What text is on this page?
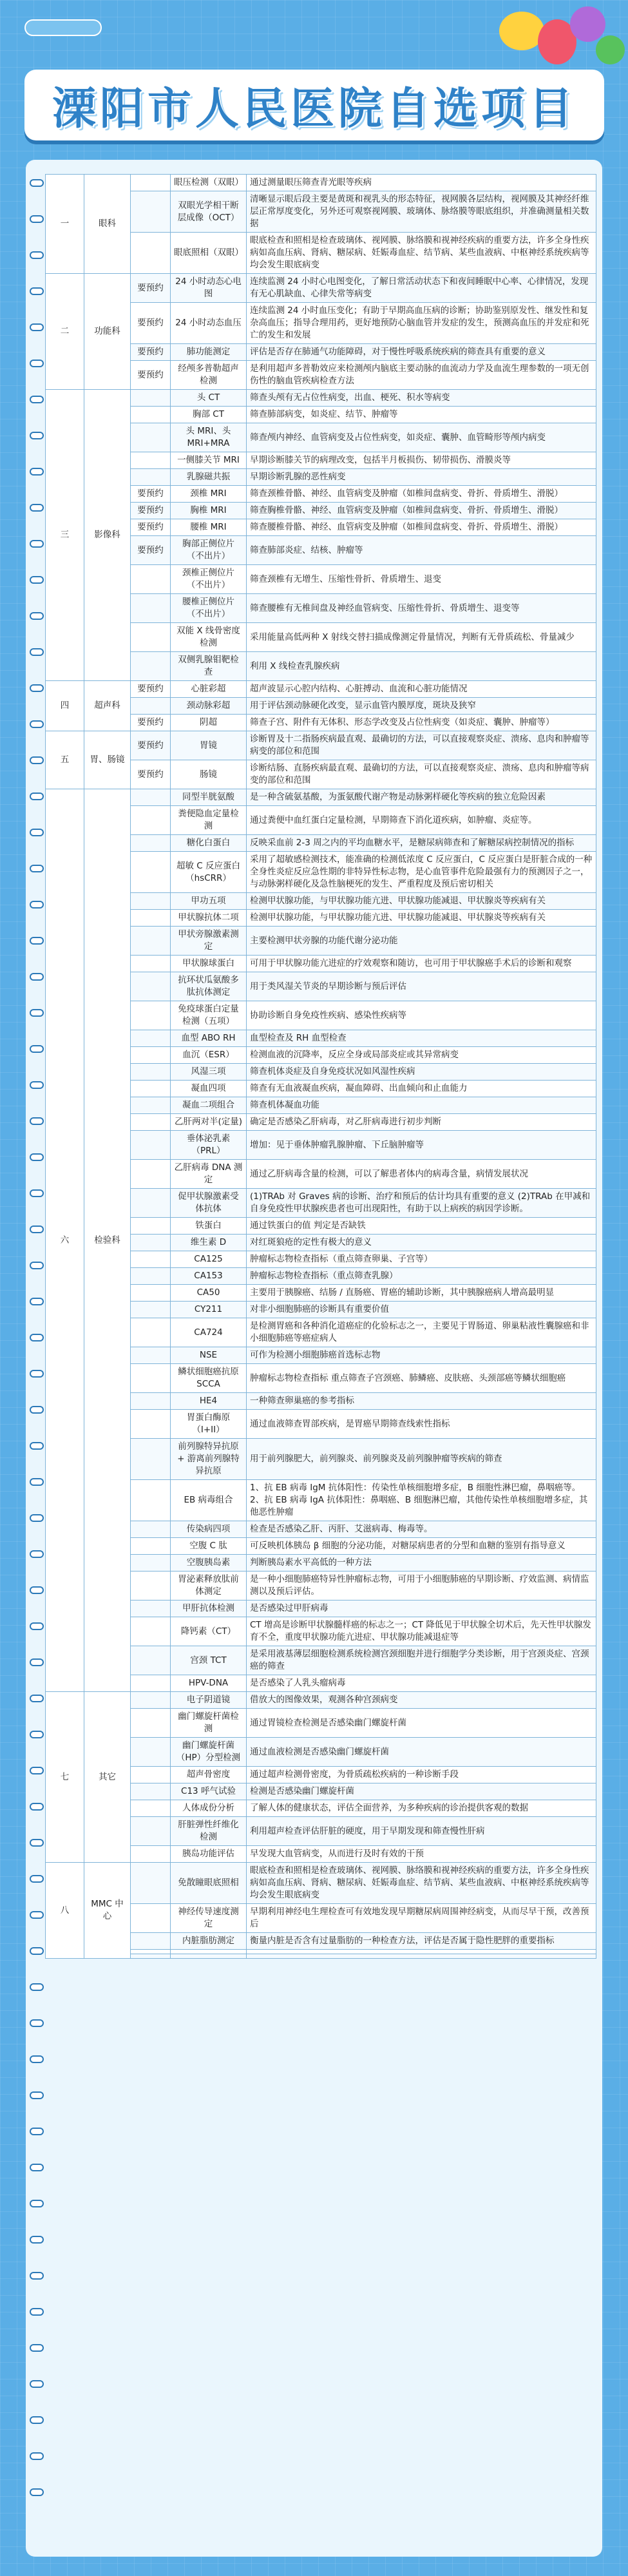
溧阳市人民医院自选项目
一	眼科		眼压检测（双眼）	通过测量眼压筛查青光眼等疾病
			双眼光学相干断层成像（OCT）	清晰显示眼后段主要是黄斑和视乳头的形态特征，视网膜各层结构，视网膜及其神经纤维层正常厚度变化，另外还可观察视网膜、玻璃体、脉络膜等眼底组织，并准确测量相关数据
			眼底照相（双眼）	眼底检查和照相是检查玻璃体、视网膜、脉络膜和视神经疾病的重要方法，许多全身性疾病如高血压病、肾病、糖尿病、妊娠毒血症、结节病、某些血液病、中枢神经系统疾病等均会发生眼底病变
二	功能科	要预约	24 小时动态心电图	连续监测 24 小时心电图变化，了解日常活动状态下和夜间睡眠中心率、心律情况，发现有无心肌缺血、心律失常等病变
		要预约	24 小时动态血压	连续监测 24 小时血压变化；有助于早期高血压病的诊断；协助鉴别原发性、继发性和复杂高血压；指导合理用药，更好地预防心脑血管并发症的发生，预测高血压的并发症和死亡的发生和发展
		要预约	肺功能测定	评估是否存在肺通气功能障碍，对于慢性呼吸系统疾病的筛查具有重要的意义
		要预约	经颅多普勒超声检测	是利用超声多普勒效应来检测颅内脑底主要动脉的血流动力学及血流生理参数的一项无创伤性的脑血管疾病检查方法
三	影像科		头 CT	筛查头颅有无占位性病变，出血、梗死、积水等病变
			胸部 CT	筛查肺部病变，如炎症、结节、肿瘤等
			头 MRI、头 MRI+MRA	筛查颅内神经、血管病变及占位性病变，如炎症、囊肿、血管畸形等颅内病变
			一侧膝关节 MRI	早期诊断膝关节的病理改变，包括半月板损伤、韧带损伤、滑膜炎等
			乳腺磁共振	早期诊断乳腺的恶性病变
		要预约	颈椎 MRI	筛查颈椎骨骼、神经、血管病变及肿瘤（如椎间盘病变、骨折、骨质增生、滑脱）
		要预约	胸椎 MRI	筛查胸椎骨骼、神经、血管病变及肿瘤（如椎间盘病变、骨折、骨质增生、滑脱）
		要预约	腰椎 MRI	筛查腰椎骨骼、神经、血管病变及肿瘤（如椎间盘病变、骨折、骨质增生、滑脱）
		要预约	胸部正侧位片（不出片）	筛查肺部炎症、结核、肿瘤等
			颈椎正侧位片（不出片）	筛查颈椎有无增生、压缩性骨折、骨质增生、退变
			腰椎正侧位片（不出片）	筛查腰椎有无椎间盘及神经血管病变、压缩性骨折、骨质增生、退变等
			双能 X 线骨密度检测	采用能量高低两种 X 射线交替扫描成像测定骨量情况，判断有无骨质疏松、骨量减少
			双侧乳腺钼靶检查	利用 X 线检查乳腺疾病
四	超声科	要预约	心脏彩超	超声波显示心腔内结构、心脏搏动、血流和心脏功能情况
			颈动脉彩超	用于评估颈动脉硬化改变，显示血管内膜厚度，斑块及狭窄
		要预约	阴超	筛查子宫、附件有无体积、形态学改变及占位性病变（如炎症、囊肿、肿瘤等）
五	胃、肠镜	要预约	胃镜	诊断胃及十二指肠疾病最直观、最确切的方法，可以直接观察炎症、溃疡、息肉和肿瘤等病变的部位和范围
		要预约	肠镜	诊断结肠、直肠疾病最直观、最确切的方法，可以直接观察炎症、溃疡、息肉和肿瘤等病变的部位和范围
六	检验科		同型半胱氨酸	是一种含硫氨基酸，为蛋氨酸代谢产物是动脉粥样硬化等疾病的独立危险因素
			粪便隐血定量检测	通过粪便中血红蛋白定量检测，早期筛查下消化道疾病，如肿瘤、炎症等。
			糖化白蛋白	反映采血前 2-3 周之内的平均血糖水平，是糖尿病筛查和了解糖尿病控制情况的指标
			超敏 C 反应蛋白（hsCRR）	采用了超敏感检测技术，能准确的检测低浓度 C 反应蛋白，C 反应蛋白是肝脏合成的一种全身性炎症反应急性期的非特异性标志物，是心血管事件危险最强有力的预测因子之一，与动脉粥样硬化及急性脑梗死的发生、严重程度及预后密切相关
			甲功五项	检测甲状腺功能，与甲状腺功能亢进、甲状腺功能减退、甲状腺炎等疾病有关
			甲状腺抗体二项	检测甲状腺功能，与甲状腺功能亢进、甲状腺功能减退、甲状腺炎等疾病有关
			甲状旁腺激素测定	主要检测甲状旁腺的功能代谢分泌功能
			甲状腺球蛋白	可用于甲状腺功能亢进症的疗效观察和随访，也可用于甲状腺癌手术后的诊断和观察
			抗环状瓜氨酸多肽抗体测定	用于类风湿关节炎的早期诊断与预后评估
			免疫球蛋白定量检测（五项）	协助诊断自身免疫性疾病、感染性疾病等
			血型 ABO RH	血型检查及 RH 血型检查
			血沉（ESR）	检测血液的沉降率，反应全身或局部炎症或其异常病变
			风湿三项	筛查机体炎症及自身免疫状况如风湿性疾病
			凝血四项	筛查有无血液凝血疾病，凝血障碍、出血倾向和止血能力
			凝血二项组合	筛查机体凝血功能
			乙肝两对半(定量)	确定是否感染乙肝病毒，对乙肝病毒进行初步判断
			垂体泌乳素（PRL）	增加：见于垂体肿瘤乳腺肿瘤、下丘脑肿瘤等
			乙肝病毒 DNA 测定	通过乙肝病毒含量的检测，可以了解患者体内的病毒含量，病情发展状况
			促甲状腺激素受体抗体	(1)TRAb 对 Graves 病的诊断、治疗和预后的估计均具有重要的意义 (2)TRAb 在甲减和自身免疫性甲状腺疾患者也可出现阳性，有助于以上病疾的病因学诊断。
			铁蛋白	通过铁蛋白的值 判定是否缺铁
			维生素 D	对红斑狼疮的定性有极大的意义
			CA125	肿瘤标志物检查指标（重点筛查卵巢、子宫等）
			CA153	肿瘤标志物检查指标（重点筛查乳腺）
			CA50	主要用于胰腺癌、结肠 / 直肠癌、胃癌的辅助诊断，其中胰腺癌病人增高最明显
			CY211	对非小细胞肺癌的诊断具有重要价值
			CA724	是检测胃癌和各种消化道癌症的化验标志之一，主要见于胃肠道、卵巢粘液性囊腺癌和非小细胞肺癌等癌症病人
			NSE	可作为检测小细胞肺癌首选标志物
			鳞状细胞癌抗原 SCCA	肿瘤标志物检查指标 重点筛查子宫颈癌、肺鳞癌、皮肤癌、头颈部癌等鳞状细胞癌
			HE4	一种筛查卵巢癌的参考指标
			胃蛋白酶原（I+II）	通过血液筛查胃部疾病，是胃癌早期筛查线索性指标
			前列腺特异抗原 + 游离前列腺特异抗原	用于前列腺肥大，前列腺炎、前列腺炎及前列腺肿瘤等疾病的筛查
			EB 病毒组合	1、抗 EB 病毒 IgM 抗体阳性：传染性单核细胞增多症，B 细胞性淋巴瘤，鼻咽癌等。2、抗 EB 病毒 IgA 抗体阳性：鼻咽癌、B 细胞淋巴瘤，其他传染性单核细胞增多症，其他恶性肿瘤
			传染病四项	检查是否感染乙肝、丙肝、艾滋病毒、梅毒等。
			空腹 C 肽	可反映机体胰岛 β 细胞的分泌功能，对糖尿病患者的分型和血糖的鉴别有指导意义
			空腹胰岛素	判断胰岛素水平高低的一种方法
			胃泌素释放肽前体测定	是一种小细胞肺癌特异性肿瘤标志物，可用于小细胞肺癌的早期诊断、疗效监测、病情监测以及预后评估。
			甲肝抗体检测	是否感染过甲肝病毒
			降钙素（CT）	CT 增高是诊断甲状腺髓样癌的标志之一；CT 降低见于甲状腺全切术后，先天性甲状腺发育不全，重度甲状腺功能亢进症、甲状腺功能减退症等
			宫颈 TCT	是采用液基薄层细胞检测系统检测宫颈细胞并进行细胞学分类诊断，用于宫颈炎症、宫颈癌的筛查
			HPV-DNA	是否感染了人乳头瘤病毒
七	其它		电子阴道镜	借放大的图像效果，观测各种宫颈病变
			幽门螺旋杆菌检测	通过胃镜检查检测是否感染幽门螺旋杆菌
			幽门螺旋杆菌（HP）分型检测	通过血液检测是否感染幽门螺旋杆菌
			超声骨密度	通过超声检测骨密度，为骨质疏松疾病的一种诊断手段
			C13 呼气试验	检测是否感染幽门螺旋杆菌
			人体成份分析	了解人体的健康状态，评估全面营养，为多种疾病的诊治提供客观的数据
			肝脏弹性纤维化检测	利用超声检查评估肝脏的硬度，用于早期发现和筛查慢性肝病
			胰岛功能评估	早发现大血管病变，从而进行及时有效的干预
八	MMC 中心		免散瞳眼底照相	眼底检查和照相是检查玻璃体、视网膜、脉络膜和视神经疾病的重要方法，许多全身性疾病如高血压病、肾病、糖尿病、妊娠毒血症、结节病、某些血液病、中枢神经系统疾病等均会发生眼底病变
			神经传导速度测定	早期利用神经电生理检查可有效地发现早期糖尿病周围神经病变，从而尽早干预，改善预后
			内脏脂肪测定	衡量内脏是否含有过量脂肪的一种检查方法，评估是否属于隐性肥胖的重要指标
